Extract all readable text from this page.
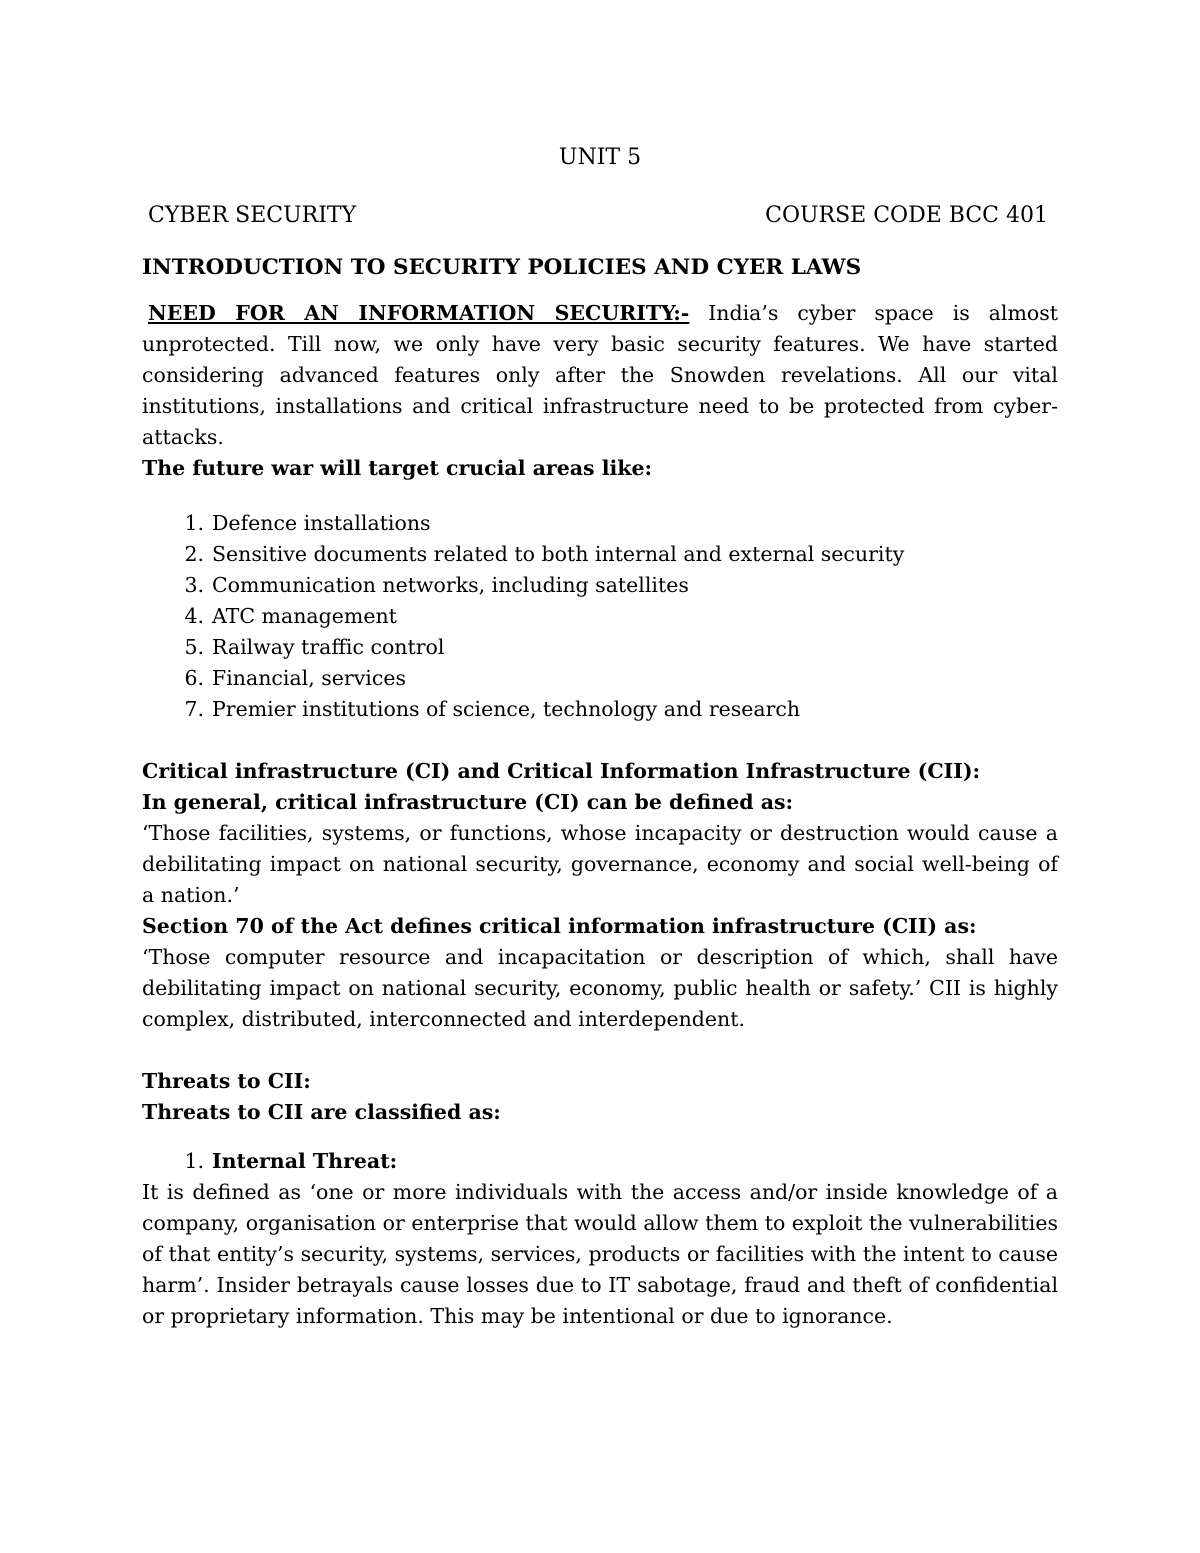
UNIT 5
CYBER SECURITY	COURSE CODE BCC 401
INTRODUCTION TO SECURITY POLICIES AND CYER LAWS
NEED FOR AN INFORMATION SECURITY:- India’s cyber space is almost unprotected. Till now, we only have very basic security features. We have started considering advanced features only after the Snowden revelations. All our vital institutions, installations and critical infrastructure need to be protected from cyber-attacks.
The future war will target crucial areas like:
1. Defence installations
2. Sensitive documents related to both internal and external security
3. Communication networks, including satellites
4. ATC management
5. Railway traffic control
6. Financial, services
7. Premier institutions of science, technology and research
Critical infrastructure (CI) and Critical Information Infrastructure (CII):
In general, critical infrastructure (CI) can be defined as:
‘Those facilities, systems, or functions, whose incapacity or destruction would cause a debilitating impact on national security, governance, economy and social well-being of a nation.’
Section 70 of the Act defines critical information infrastructure (CII) as:
‘Those computer resource and incapacitation or description of which, shall have debilitating impact on national security, economy, public health or safety.’ CII is highly complex, distributed, interconnected and interdependent.
Threats to CII:
Threats to CII are classified as:
1. Internal Threat:
It is defined as ‘one or more individuals with the access and/or inside knowledge of a company, organisation or enterprise that would allow them to exploit the vulnerabilities of that entity’s security, systems, services, products or facilities with the intent to cause harm’. Insider betrayals cause losses due to IT sabotage, fraud and theft of confidential or proprietary information. This may be intentional or due to ignorance.
